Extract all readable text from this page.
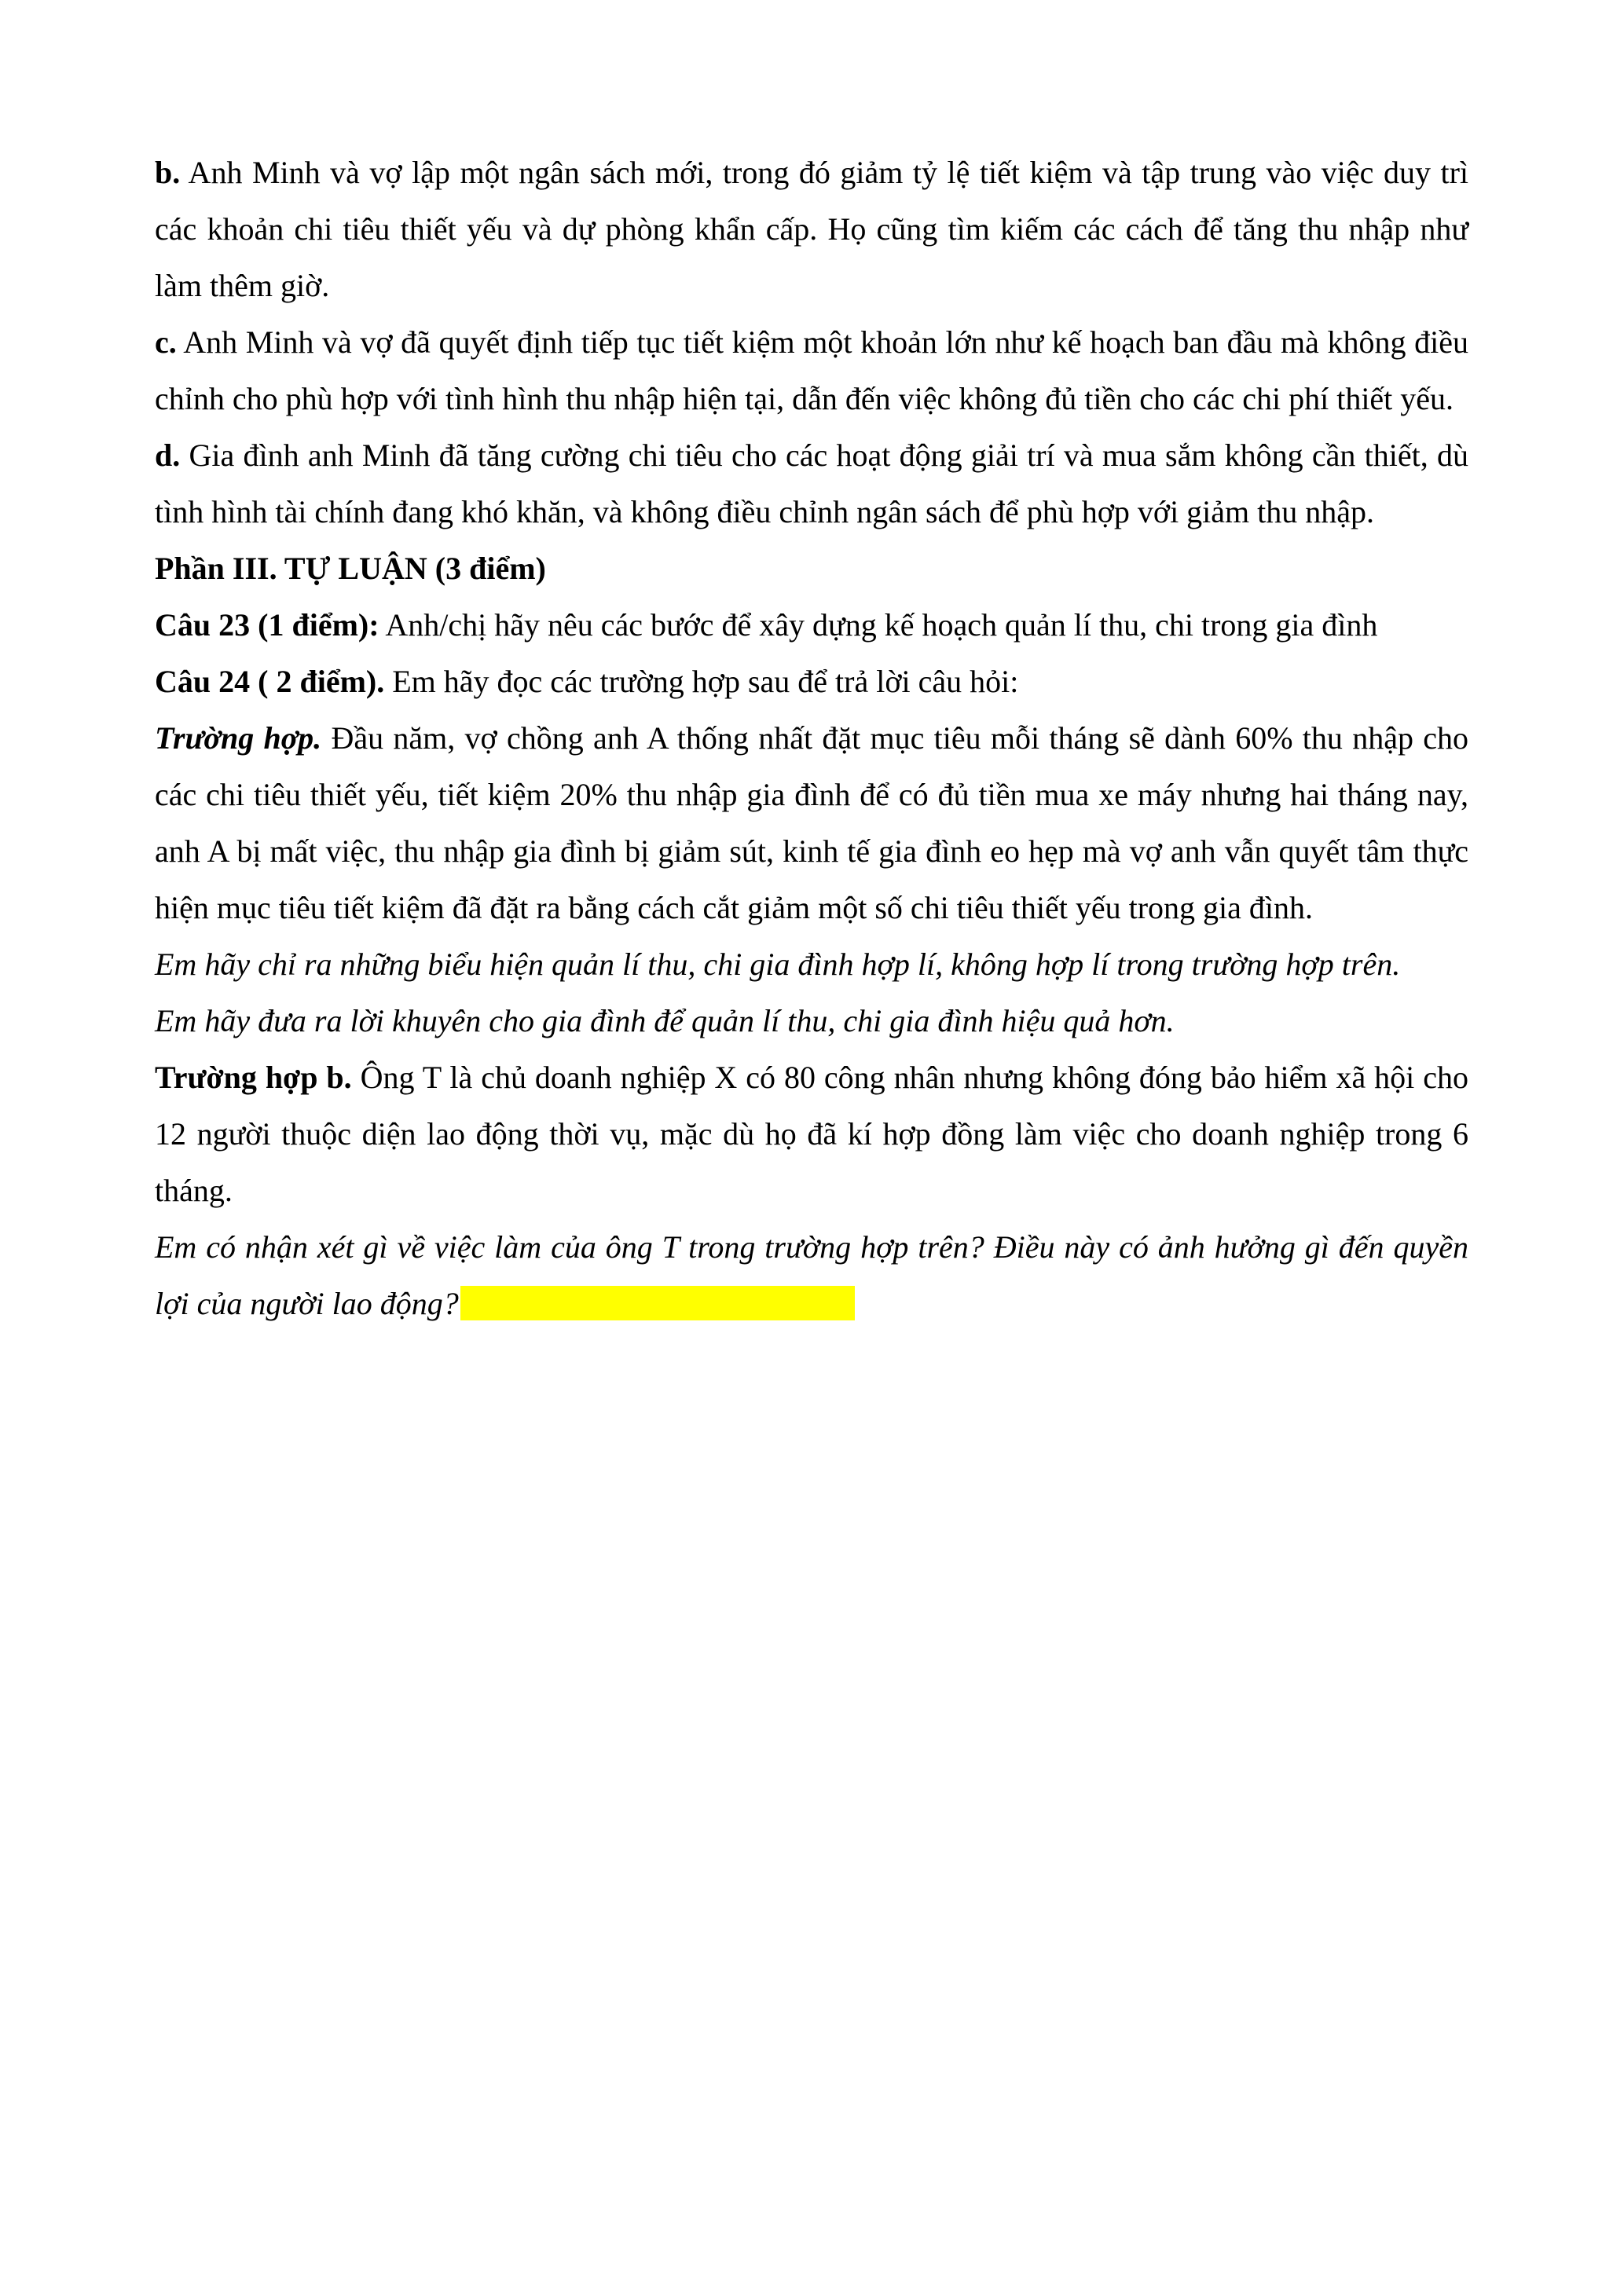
b. Anh Minh và vợ lập một ngân sách mới, trong đó giảm tỷ lệ tiết kiệm và tập trung vào việc duy trì các khoản chi tiêu thiết yếu và dự phòng khẩn cấp. Họ cũng tìm kiếm các cách để tăng thu nhập như làm thêm giờ.

c. Anh Minh và vợ đã quyết định tiếp tục tiết kiệm một khoản lớn như kế hoạch ban đầu mà không điều chỉnh cho phù hợp với tình hình thu nhập hiện tại, dẫn đến việc không đủ tiền cho các chi phí thiết yếu.

d. Gia đình anh Minh đã tăng cường chi tiêu cho các hoạt động giải trí và mua sắm không cần thiết, dù tình hình tài chính đang khó khăn, và không điều chỉnh ngân sách để phù hợp với giảm thu nhập.

Phần III. TỰ LUẬN (3 điểm)

Câu 23 (1 điểm): Anh/chị hãy nêu các bước để xây dựng kế hoạch quản lí thu, chi trong gia đình

Câu 24 ( 2 điểm). Em hãy đọc các trường hợp sau để trả lời câu hỏi:

Trường hợp. Đầu năm, vợ chồng anh A thống nhất đặt mục tiêu mỗi tháng sẽ dành 60% thu nhập cho các chi tiêu thiết yếu, tiết kiệm 20% thu nhập gia đình để có đủ tiền mua xe máy nhưng hai tháng nay, anh A bị mất việc, thu nhập gia đình bị giảm sút, kinh tế gia đình eo hẹp mà vợ anh vẫn quyết tâm thực hiện mục tiêu tiết kiệm đã đặt ra bằng cách cắt giảm một số chi tiêu thiết yếu trong gia đình.

Em hãy chỉ ra những biểu hiện quản lí thu, chi gia đình hợp lí, không hợp lí trong trường hợp trên.

Em hãy đưa ra lời khuyên cho gia đình để quản lí thu, chi gia đình hiệu quả hơn.

Trường hợp b. Ông T là chủ doanh nghiệp X có 80 công nhân nhưng không đóng bảo hiểm xã hội cho 12 người thuộc diện lao động thời vụ, mặc dù họ đã kí hợp đồng làm việc cho doanh nghiệp trong 6 tháng.

Em có nhận xét gì về việc làm của ông T trong trường hợp trên? Điều này có ảnh hưởng gì đến quyền lợi của người lao động?
